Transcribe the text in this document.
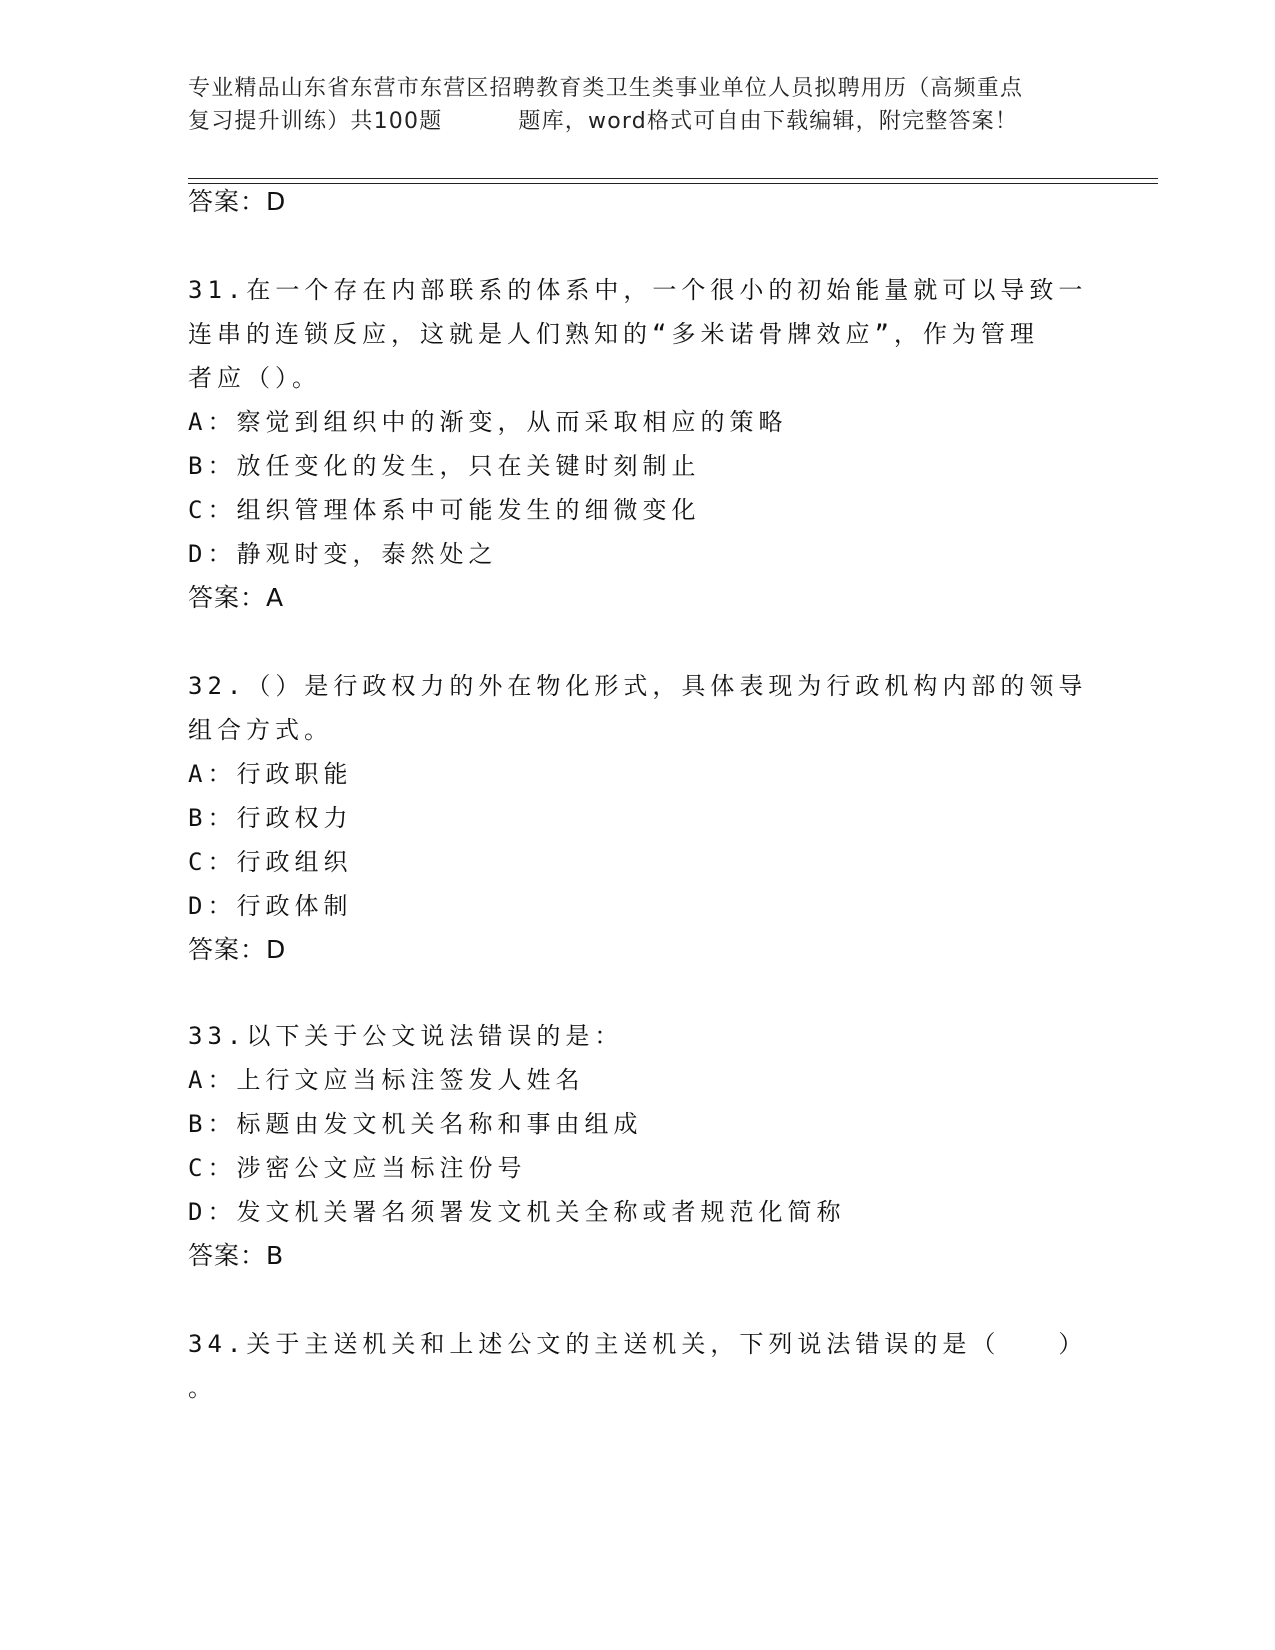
专业精品山东省东营市东营区招聘教育类卫生类事业单位人员拟聘用历（高频重点
复习提升训练）共100题	题库，word格式可自由下载编辑，附完整答案！
答案：D
31.在一个存在内部联系的体系中，一个很小的初始能量就可以导致一
连串的连锁反应，这就是人们熟知的“多米诺骨牌效应”，作为管理
者应（）。
A：察觉到组织中的渐变，从而采取相应的策略
B：放任变化的发生，只在关键时刻制止
C：组织管理体系中可能发生的细微变化
D：静观时变，泰然处之
答案：A
32.（）是行政权力的外在物化形式，具体表现为行政机构内部的领导
组合方式。
A：行政职能
B：行政权力
C：行政组织
D：行政体制
答案：D
33.以下关于公文说法错误的是：
A：上行文应当标注签发人姓名
B：标题由发文机关名称和事由组成
C：涉密公文应当标注份号
D：发文机关署名须署发文机关全称或者规范化简称
答案：B
34.关于主送机关和上述公文的主送机关，下列说法错误的是（　　）
。
